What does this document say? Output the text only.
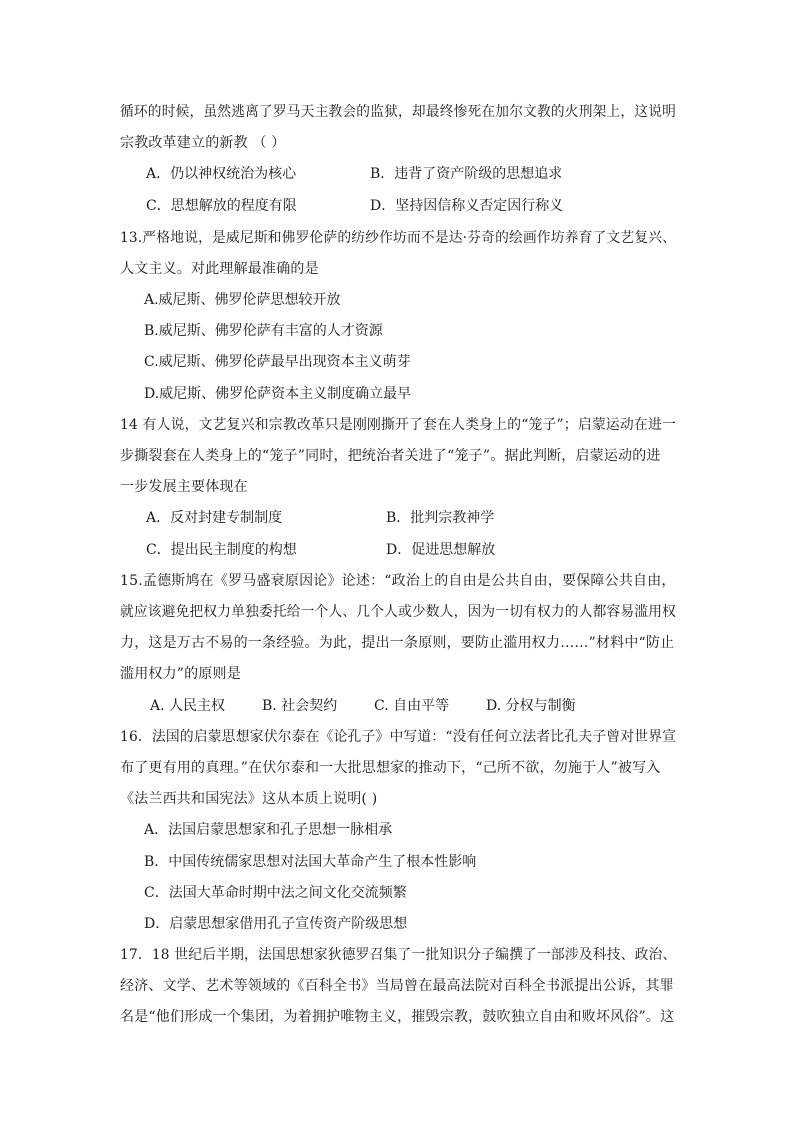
循环的时候，虽然逃离了罗马天主教会的监狱，却最终惨死在加尔文教的火刑架上，这说明
宗教改革建立的新教 （ ）
A．仍以神权统治为核心	B．违背了资产阶级的思想追求
C．思想解放的程度有限	D．坚持因信称义否定因行称义
13.严格地说，是威尼斯和佛罗伦萨的纺纱作坊而不是达·芬奇的绘画作坊养育了文艺复兴、
人文主义。对此理解最准确的是
A.威尼斯、佛罗伦萨思想较开放
B.威尼斯、佛罗伦萨有丰富的人才资源
C.威尼斯、佛罗伦萨最早出现资本主义萌芽
D.威尼斯、佛罗伦萨资本主义制度确立最早
14 有人说，文艺复兴和宗教改革只是刚刚撕开了套在人类身上的“笼子”；启蒙运动在进一
步撕裂套在人类身上的“笼子”同时，把统治者关进了“笼子”。据此判断，启蒙运动的进
一步发展主要体现在
A．反对封建专制制度	B．批判宗教神学
C．提出民主制度的构想	D．促进思想解放
15.孟德斯鸠在《罗马盛衰原因论》论述：“政治上的自由是公共自由，要保障公共自由，
就应该避免把权力单独委托给一个人、几个人或少数人，因为一切有权力的人都容易滥用权
力，这是万古不易的一条经验。为此，提出一条原则，要防止滥用权力……”材料中“防止
滥用权力”的原则是
A. 人民主权	B. 社会契约	C. 自由平等	D. 分权与制衡
16．法国的启蒙思想家伏尔泰在《论孔子》中写道：“没有任何立法者比孔夫子曾对世界宣
布了更有用的真理。”在伏尔泰和一大批思想家的推动下，“己所不欲，勿施于人”被写入
《法兰西共和国宪法》这从本质上说明( )
A．法国启蒙思想家和孔子思想一脉相承
B．中国传统儒家思想对法国大革命产生了根本性影响
C．法国大革命时期中法之间文化交流频繁
D．启蒙思想家借用孔子宣传资产阶级思想
17．18 世纪后半期，法国思想家狄德罗召集了一批知识分子编撰了一部涉及科技、政治、
经济、文学、艺术等领域的《百科全书》当局曾在最高法院对百科全书派提出公诉，其罪
名是“他们形成一个集团，为着拥护唯物主义，摧毁宗教，鼓吹独立自由和败坏风俗”。这
